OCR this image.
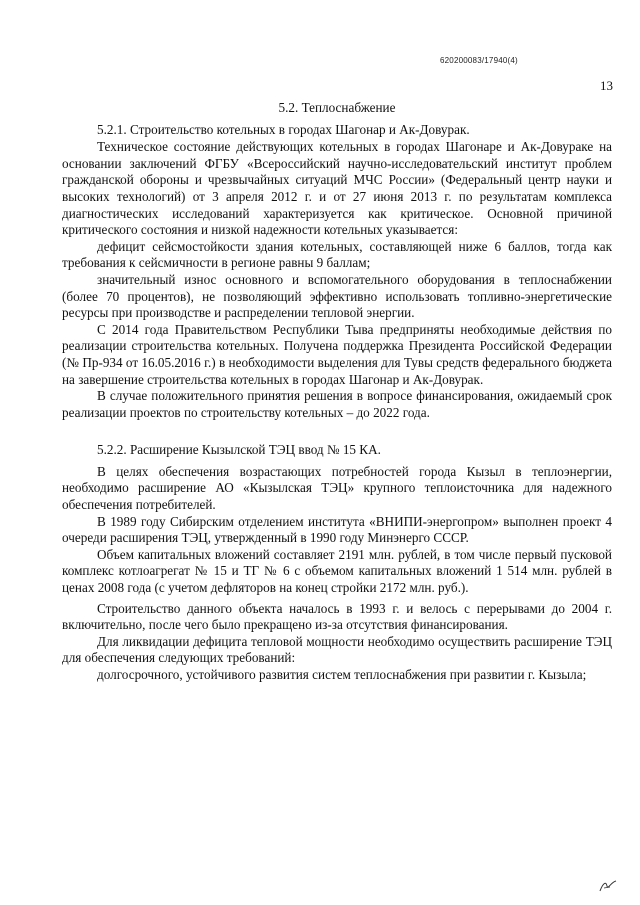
620200083/17940(4)
13
5.2. Теплоснабжение
5.2.1. Строительство котельных в городах Шагонар и Ак-Довурак.

Техническое состояние действующих котельных в городах Шагонаре и Ак-Довураке на основании заключений ФГБУ «Всероссийский научно-исследовательский институт проблем гражданской обороны и чрезвычайных ситуаций МЧС России» (Федеральный центр науки и высоких технологий) от 3 апреля 2012 г. и от 27 июня 2013 г. по результатам комплекса диагностических исследований характеризуется как критическое. Основной причиной критического состояния и низкой надежности котельных указывается:

дефицит сейсмостойкости здания котельных, составляющей ниже 6 баллов, тогда как требования к сейсмичности в регионе равны 9 баллам;

значительный износ основного и вспомогательного оборудования в теплоснабжении (более 70 процентов), не позволяющий эффективно использовать топливно-энергетические ресурсы при производстве и распределении тепловой энергии.

С 2014 года Правительством Республики Тыва предприняты необходимые действия по реализации строительства котельных. Получена поддержка Президента Российской Федерации (№ Пр-934 от 16.05.2016 г.) в необходимости выделения для Тувы средств федерального бюджета на завершение строительства котельных в городах Шагонар и Ак-Довурак.

В случае положительного принятия решения в вопросе финансирования, ожидаемый срок реализации проектов по строительству котельных – до 2022 года.

5.2.2. Расширение Кызылской ТЭЦ ввод № 15 КА.

В целях обеспечения возрастающих потребностей города Кызыл в теплоэнергии, необходимо расширение АО «Кызылская ТЭЦ» крупного теплоисточника для надежного обеспечения потребителей.

В 1989 году Сибирским отделением института «ВНИПИ-энергопром» выполнен проект 4 очереди расширения ТЭЦ, утвержденный в 1990 году Минэнерго СССР.

Объем капитальных вложений составляет 2191 млн. рублей, в том числе первый пусковой комплекс котлоагрегат № 15 и ТГ № 6 с объемом капитальных вложений 1 514 млн. рублей в ценах 2008 года (с учетом дефляторов на конец стройки 2172 млн. руб.).

Строительство данного объекта началось в 1993 г. и велось с перерывами до 2004 г. включительно, после чего было прекращено из-за отсутствия финансирования.

Для ликвидации дефицита тепловой мощности необходимо осуществить расширение ТЭЦ для обеспечения следующих требований:

долгосрочного, устойчивого развития систем теплоснабжения при развитии г. Кызыла;
